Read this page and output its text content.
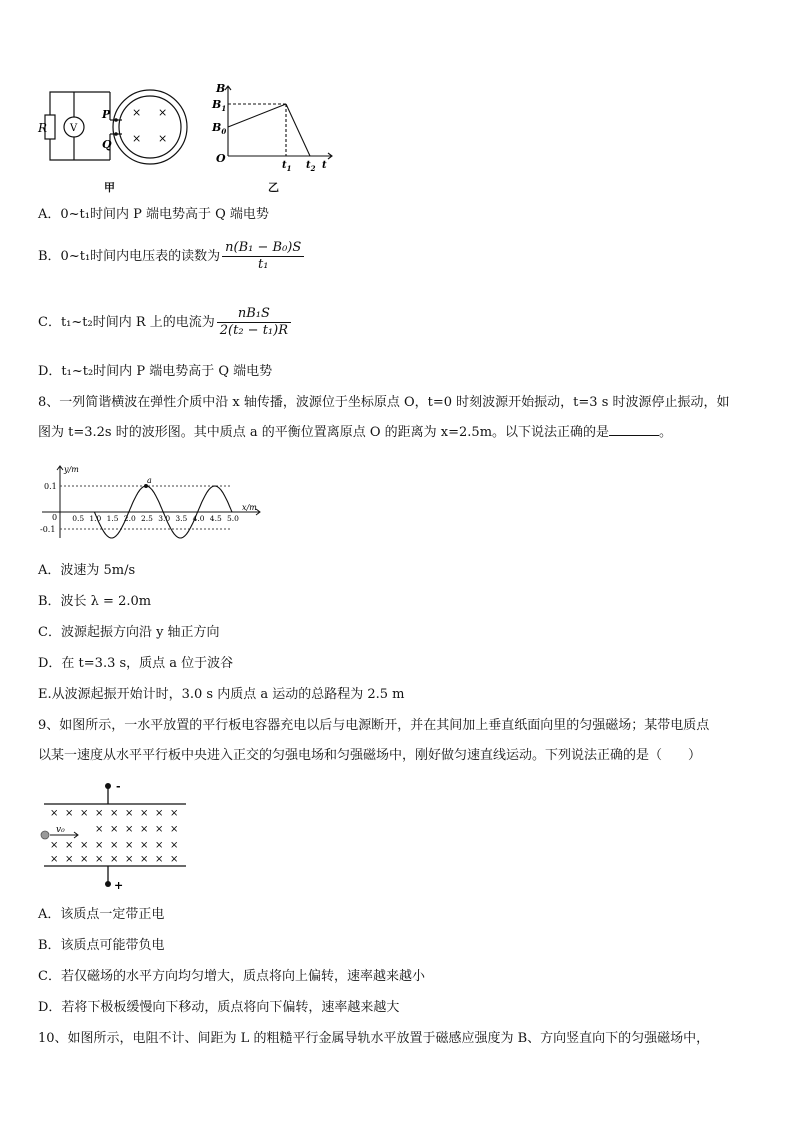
R V
P
Q
× ×
× ×
甲
B
$B_1$
$B_0$
O
$t_1$ $t_2$ t
乙
A．0~t₁时间内 P 端电势高于 Q 端电势
B．0~t₁时间内电压表的读数为 $\frac{\text{n(B₁ − B₀)S}}{\text{t₁}}$
C．t₁~t₂时间内 R 上的电流为 $\frac{\text{nB₁S}}{\text{2(t₂ − t₁)R}}$
D．t₁~t₂时间内 P 端电势高于 Q 端电势
8、一列简谐横波在弹性介质中沿 x 轴传播，波源位于坐标原点 O，t=0 时刻波源开始振动，t=3 s 时波源停止振动，如
图为 t=3.2s 时的波形图。其中质点 a 的平衡位置离原点 O 的距离为 x=2.5m。以下说法正确的是	。
y/m
x/m
0.1
-0.1
0 0.5 1.0 1.5 2.0 2.5 3.0 3.5 4.0 4.5 5.0
a
A．波速为 5m/s
B．波长 λ = 2.0m
C．波源起振方向沿 y 轴正方向
D．在 t=3.3 s，质点 a 位于波谷
E.从波源起振开始计时，3.0 s 内质点 a 运动的总路程为 2.5 m
9、如图所示，一水平放置的平行板电容器充电以后与电源断开，并在其间加上垂直纸面向里的匀强磁场；某带电质点
以某一速度从水平平行板中央进入正交的匀强电场和匀强磁场中，刚好做匀速直线运动。下列说法正确的是（　　）
-
+
× × × × × × × × ×
× × × × × ×
× × × × × × × × ×
× × × × × × × × ×
v₀
A．该质点一定带正电
B．该质点可能带负电
C．若仅磁场的水平方向均匀增大，质点将向上偏转，速率越来越小
D．若将下极板缓慢向下移动，质点将向下偏转，速率越来越大
10、如图所示，电阻不计、间距为 L 的粗糙平行金属导轨水平放置于磁感应强度为 B、方向竖直向下的匀强磁场中，
